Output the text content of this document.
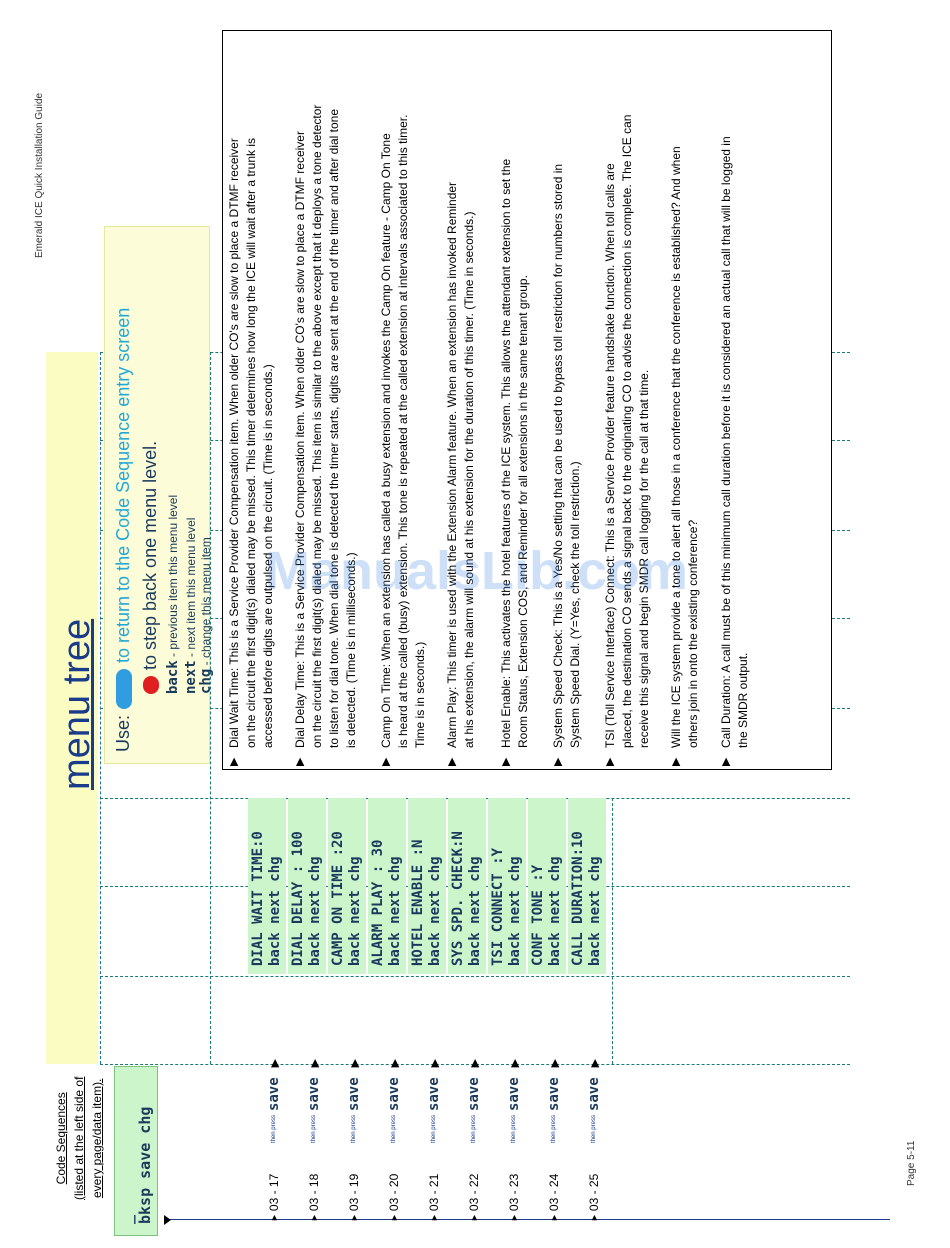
Emerald ICE Quick Installation Guide
Page 5-11
menu tree Use:
to return to the Code Sequence entry screen to step back one menu level.
back - previous item this menu level
next - next item this menu level
chg - change this menu item
Code Sequences (listed at the left side of every page/data item).
_ bksp save chg	►
03 - 17
then press
save
▶
DIAL WAIT TIME:0 back next chg
►
03 - 18
then press
save
▶
DIAL DELAY : 100 back next chg
►
03 - 19
then press
save
▶
CAMP ON TIME :20 back next chg
►
03 - 20
then press
save
▶
ALARM PLAY : 30 back next chg
►
03 - 21
then press
save
▶
HOTEL ENABLE :N back next chg
►
03 - 22
then press
save
▶
SYS SPD. CHECK:N back next chg
►
03 - 23
then press
save
▶
TSI CONNECT :Y back next chg
►
03 - 24
then press
save
▶
CONF TONE :Y back next chg
►
03 - 25
then press
save
▶
CALL DURATION:10 back next chg
▶
Dial Wait Time: This is a Service Provider Compensation item. When older CO's are slow to place a DTMF receiver on the circuit the first digit(s) dialed may be missed. This timer determines how long the ICE will wait after a trunk is accessed before digits are outpulsed on the circuit. (Time is in seconds.)
▶
Dial Delay Time: This is a Service Provider Compensation item. When older CO's are slow to place a DTMF receiver on the circuit the first digit(s) dialed may be missed. This item is similar to the above except that it deploys a tone detector to listen for dial tone. When dial tone is detected the timer starts, digits are sent at the end of the timer and after dial tone is detected. (Time is in milliseconds.)
▶
Camp On Time: When an extension has called a busy extension and invokes the Camp On feature - Camp On Tone is heard at the called (busy) extension. This tone is repeated at the called extension at intervals associated to this timer. Time is in seconds.)
▶
Alarm Play: This timer is used with the Extension Alarm feature. When an extension has invoked Reminder at his extension, the alarm will sound at his extension for the duration of this timer. (Time in seconds.)
▶
Hotel Enable: This activates the hotel features of the ICE system. This allows the attendant extension to set the Room Status, Extension COS, and Reminder for all extensions in the same tenant group.
▶
System Speed Check: This is a Yes/No setting that can be used to bypass toll restriction for numbers stored in System Speed Dial. (Y=Yes, check the toll restriction.)
▶
TSI (Toll Service Interface) Connect: This is a Service Provider feature handshake function. When toll calls are placed, the destination CO sends a signal back to the originating CO to advise the connection is complete. The ICE can receive this signal and begin SMDR call logging for the call at that time.
▶
Will the ICE system provide a tone to alert all those in a conference that the conference is established? And when others join in onto the existing conference?
▶
Call Duration: A call must be of this minimum call duration before it is considered an actual call that will be logged in the SMDR output.
ManualsLib.com
